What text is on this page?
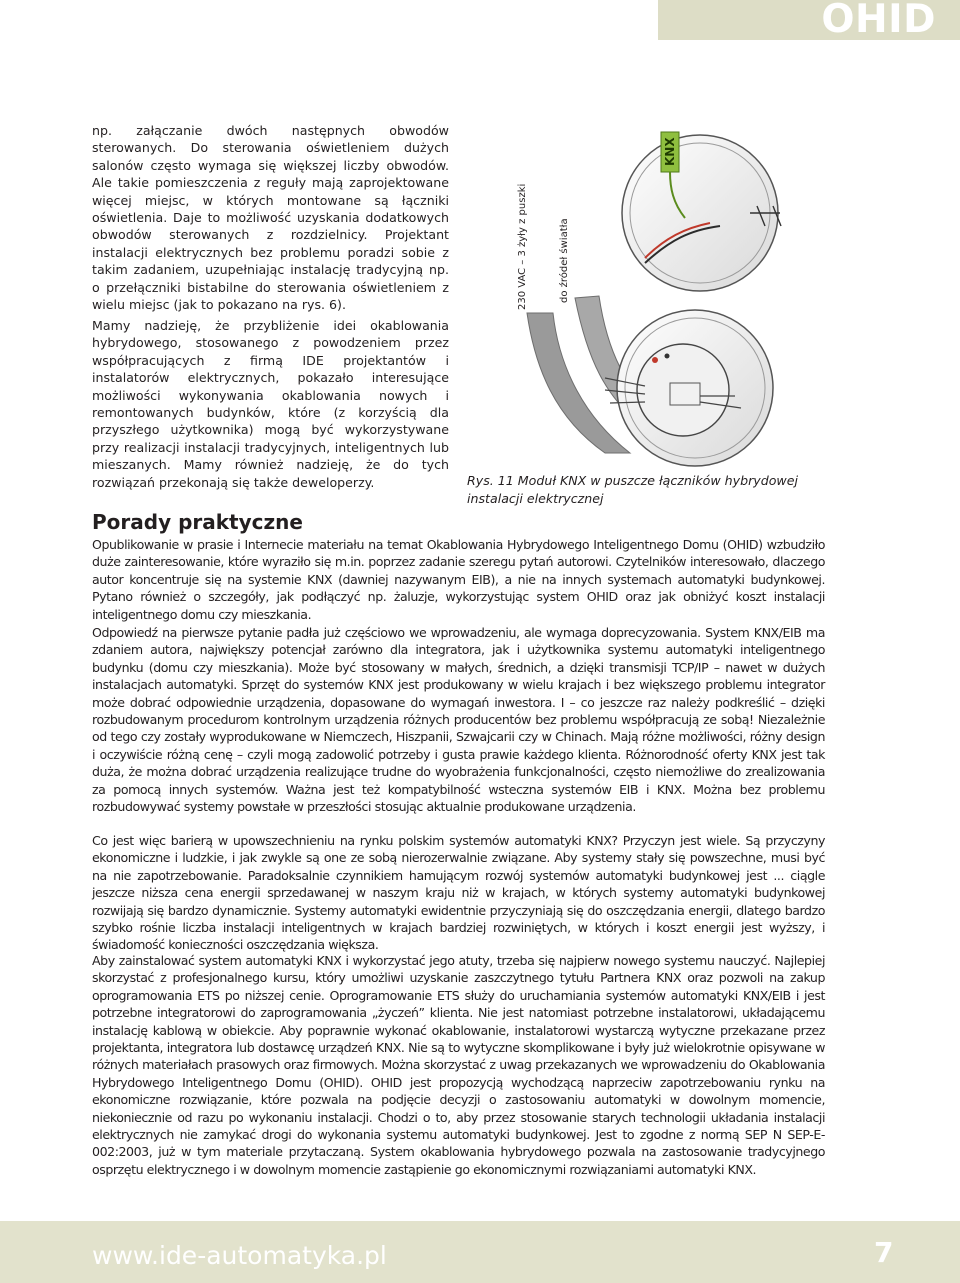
OHID

np. załączanie dwóch następnych obwodów sterowanych. Do sterowania oświetleniem dużych salonów często wymaga się większej liczby obwodów. Ale takie pomieszczenia z reguły mają zaprojektowane więcej miejsc, w których montowane są łączniki oświetlenia. Daje to możliwość uzyskania dodatkowych obwodów sterowanych z rozdzielnicy. Projektant instalacji elektrycznych bez problemu poradzi sobie z takim zadaniem, uzupełniając instalację tradycyjną np. o przełączniki bistabilne do sterowania oświetleniem z wielu miejsc (jak to pokazano na rys. 6).

Mamy nadzieję, że przybliżenie idei okablowania hybrydowego, stosowanego z powodzeniem przez współpracujących z firmą IDE projektantów i instalatorów elektrycznych, pokazało interesujące możliwości wykonywania okablowania nowych i remontowanych budynków, które (z korzyścią dla przyszłego użytkownika) mogą być wykorzystywane przy realizacji instalacji tradycyjnych, inteligentnych lub mieszanych. Mamy również nadzieję, że do tych rozwiązań przekonają się także deweloperzy.

KNX
230 VAC – 3 żyły z puszki	do źródeł światła

Rys. 11 Moduł KNX w puszcze łączników hybrydowej instalacji elektrycznej

Porady praktyczne

Opublikowanie w prasie i Internecie materiału na temat Okablowania Hybrydowego Inteligentnego Domu (OHID) wzbudziło duże zainteresowanie, które wyraziło się m.in. poprzez zadanie szeregu pytań autorowi. Czytelników interesowało, dlaczego autor koncentruje się na systemie KNX (dawniej nazywanym EIB), a nie na innych systemach automatyki budynkowej. Pytano również o szczegóły, jak podłączyć np. żaluzje, wykorzystując system OHID oraz jak obniżyć koszt instalacji inteligentnego domu czy mieszkania.

Odpowiedź na pierwsze pytanie padła już częściowo we wprowadzeniu, ale wymaga doprecyzowania. System KNX/EIB ma zdaniem autora, największy potencjał zarówno dla integratora, jak i użytkownika systemu automatyki inteligentnego budynku (domu czy mieszkania). Może być stosowany w małych, średnich, a dzięki transmisji TCP/IP – nawet w dużych instalacjach automatyki. Sprzęt do systemów KNX jest produkowany w wielu krajach i bez większego problemu integrator może dobrać odpowiednie urządzenia, dopasowane do wymagań inwestora. I – co jeszcze raz należy podkreślić – dzięki rozbudowanym procedurom kontrolnym urządzenia różnych producentów bez problemu współpracują ze sobą! Niezależnie od tego czy zostały wyprodukowane w Niemczech, Hiszpanii, Szwajcarii czy w Chinach. Mają różne możliwości, różny design i oczywiście różną cenę – czyli mogą zadowolić potrzeby i gusta prawie każdego klienta. Różnorodność oferty KNX jest tak duża, że można dobrać urządzenia realizujące trudne do wyobrażenia funkcjonalności, często niemożliwe do zrealizowania za pomocą innych systemów. Ważna jest też kompatybilność wsteczna systemów EIB i KNX. Można bez problemu rozbudowywać systemy powstałe w przeszłości stosując aktualnie produkowane urządzenia.

Co jest więc barierą w upowszechnieniu na rynku polskim systemów automatyki KNX? Przyczyn jest wiele. Są przyczyny ekonomiczne i ludzkie, i jak zwykle są one ze sobą nierozerwalnie związane. Aby systemy stały się powszechne, musi być na nie zapotrzebowanie. Paradoksalnie czynnikiem hamującym rozwój systemów automatyki budynkowej jest ... ciągle jeszcze niższa cena energii sprzedawanej w naszym kraju niż w krajach, w których systemy automatyki budynkowej rozwijają się bardzo dynamicznie. Systemy automatyki ewidentnie przyczyniają się do oszczędzania energii, dlatego bardzo szybko rośnie liczba instalacji inteligentnych w krajach bardziej rozwiniętych, w których i koszt energii jest wyższy, i świadomość konieczności oszczędzania większa.

Aby zainstalować system automatyki KNX i wykorzystać jego atuty, trzeba się najpierw nowego systemu nauczyć. Najlepiej skorzystać z profesjonalnego kursu, który umożliwi uzyskanie zaszczytnego tytułu Partnera KNX oraz pozwoli na zakup oprogramowania ETS po niższej cenie. Oprogramowanie ETS służy do uruchamiania systemów automatyki KNX/EIB i jest potrzebne integratorowi do zaprogramowania „życzeń” klienta. Nie jest natomiast potrzebne instalatorowi, układającemu instalację kablową w obiekcie. Aby poprawnie wykonać okablowanie, instalatorowi wystarczą wytyczne przekazane przez projektanta, integratora lub dostawcę urządzeń KNX. Nie są to wytyczne skomplikowane i były już wielokrotnie opisywane w różnych materiałach prasowych oraz firmowych. Można skorzystać z uwag przekazanych we wprowadzeniu do Okablowania Hybrydowego Inteligentnego Domu (OHID). OHID jest propozycją wychodzącą naprzeciw zapotrzebowaniu rynku na ekonomiczne rozwiązanie, które pozwala na podjęcie decyzji o zastosowaniu automatyki w dowolnym momencie, niekoniecznie od razu po wykonaniu instalacji. Chodzi o to, aby przez stosowanie starych technologii układania instalacji elektrycznych nie zamykać drogi do wykonania systemu automatyki budynkowej. Jest to zgodne z normą SEP N SEP-E-002:2003, już w tym materiale przytaczaną. System okablowania hybrydowego pozwala na zastosowanie tradycyjnego osprzętu elektrycznego i w dowolnym momencie zastąpienie go ekonomicznymi rozwiązaniami automatyki KNX.

www.ide-automatyka.pl	7
